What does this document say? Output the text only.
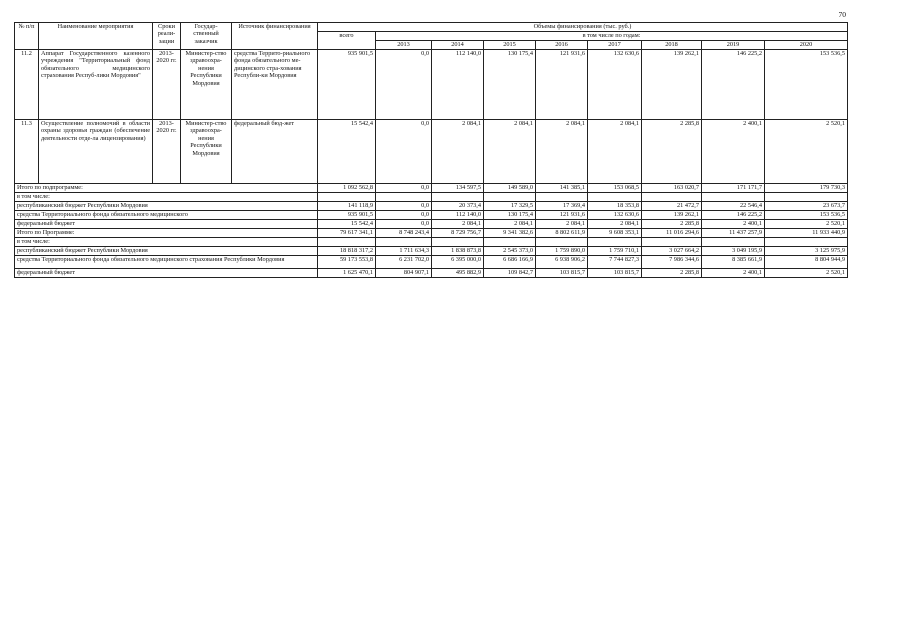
70
№ п/п	Наименование мероприятия	Сроки реали- зации	Государ- ственный заказчик	Источник финансирования	Объемы финансирования (тыс. руб.)								
					всего	в том числе по годам:							
						2013	2014	2015	2016	2017	2018	2019	2020
11.2	Аппарат Государственного казенного учреждения "Территориальный фонд обязательного медицинского страхования Респуб-лики Мордовия"	2013-2020 гг.	Министер-ство здравоохра-нения Республики Мордовия	средства Террито-риального фонда обязательного ме-дицинского стра-хования Республи-ки Мордовия	935 901,5	0,0	112 140,0	130 175,4	121 931,6	132 630,6	139 262,1	146 225,2	153 536,5
11.3	Осуществление полномочий в области охраны здоровья граждан (обеспечение деятельности отде-ла лицензирования)	2013-2020 гг.	Министер-ство здравоохра-нения Республики Мордовия	федеральный бюд-жет	15 542,4	0,0	2 084,1	2 084,1	2 084,1	2 084,1	2 285,8	2 400,1	2 520,1
Итого по подпрограмме:					1 092 562,8	0,0	134 597,5	149 589,0	141 385,1	153 068,5	163 020,7	171 171,7	179 730,3
в том числе:													
республиканский бюджет Республики Мордовия					141 118,9	0,0	20 373,4	17 329,5	17 369,4	18 353,8	21 472,7	22 546,4	23 673,7
средства Территориального фонда обязательного медицинского					935 901,5	0,0	112 140,0	130 175,4	121 931,6	132 630,6	139 262,1	146 225,2	153 536,5
федеральный бюджет					15 542,4	0,0	2 084,1	2 084,1	2 084,1	2 084,1	2 285,8	2 400,1	2 520,1
Итого по Программе:					79 617 341,1	8 748 243,4	8 729 756,7	9 341 382,6	8 802 611,9	9 608 353,1	11 016 294,6	11 437 257,9	11 933 440,9
в том числе:													
республиканский бюджет Республики Мордовия					18 818 317,2	1 711 634,3	1 838 873,8	2 545 373,0	1 759 890,0	1 759 710,1	3 027 664,2	3 049 195,9	3 125 975,9
средства Территориального фонда обязательного медицинского страхования Республики Мордовия					59 173 553,8	6 231 702,0	6 395 000,0	6 686 166,9	6 938 906,2	7 744 827,3	7 986 344,6	8 385 661,9	8 804 944,9
федеральный бюджет					1 625 470,1	804 907,1	495 882,9	109 842,7	103 815,7	103 815,7	2 285,8	2 400,1	2 520,1
